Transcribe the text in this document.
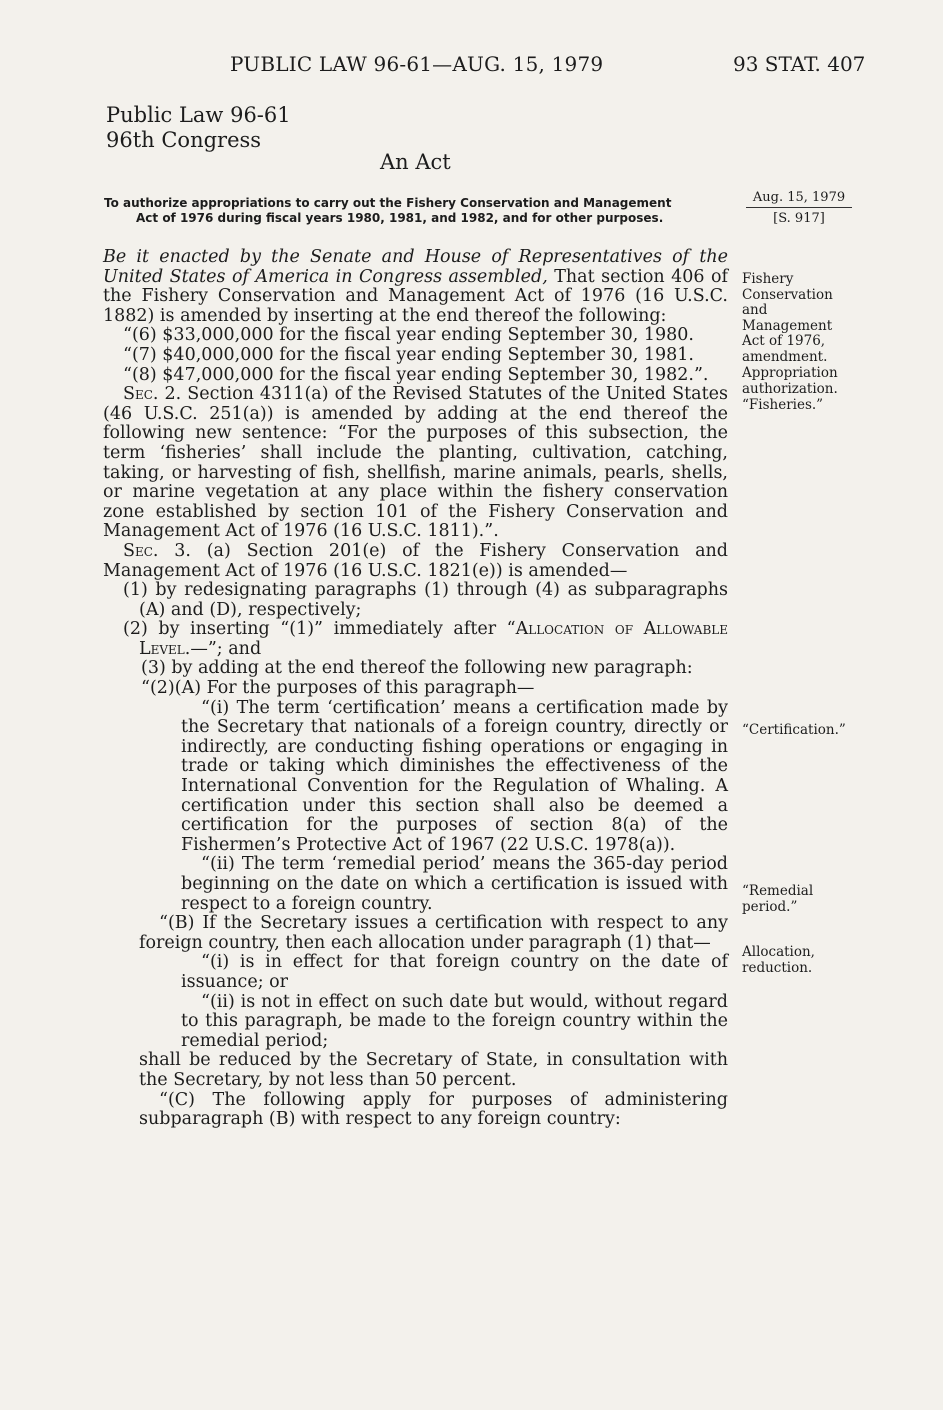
PUBLIC LAW 96-61—AUG. 15, 1979	93 STAT. 407
Public Law 96-61
96th Congress
An Act
To authorize appropriations to carry out the Fishery Conservation and Management
Act of 1976 during fiscal years 1980, 1981, and 1982, and for other purposes.
Aug. 15, 1979
[S. 917]
Fishery
Conservation
and
Management
Act of 1976,
amendment.
Appropriation
authorization.
“Fisheries.”
“Certification.”
“Remedial
period.”
Allocation,
reduction.

Be it enacted by the Senate and House of Representatives of the United States of America in Congress assembled, That section 406 of the Fishery Conservation and Management Act of 1976 (16 U.S.C. 1882) is amended by inserting at the end thereof the following:

“(6) $33,000,000 for the fiscal year ending September 30, 1980.

“(7) $40,000,000 for the fiscal year ending September 30, 1981.

“(8) $47,000,000 for the fiscal year ending September 30, 1982.”.

Sec. 2. Section 4311(a) of the Revised Statutes of the United States (46 U.S.C. 251(a)) is amended by adding at the end thereof the following new sentence: “For the purposes of this subsection, the term ‘fisheries’ shall include the planting, cultivation, catching, taking, or harvesting of fish, shellfish, marine animals, pearls, shells, or marine vegetation at any place within the fishery conservation zone established by section 101 of the Fishery Conservation and Management Act of 1976 (16 U.S.C. 1811).”.

Sec. 3. (a) Section 201(e) of the Fishery Conservation and Management Act of 1976 (16 U.S.C. 1821(e)) is amended—

(1) by redesignating paragraphs (1) through (4) as subparagraphs (A) and (D), respectively;

(2) by inserting “(1)” immediately after “Allocation of Allowable Level.—”; and

(3) by adding at the end thereof the following new paragraph:

“(2)(A) For the purposes of this paragraph—

“(i) The term ‘certification’ means a certification made by the Secretary that nationals of a foreign country, directly or indirectly, are conducting fishing operations or engaging in trade or taking which diminishes the effectiveness of the International Convention for the Regulation of Whaling. A certification under this section shall also be deemed a certification for the purposes of section 8(a) of the Fishermen’s Protective Act of 1967 (22 U.S.C. 1978(a)).

“(ii) The term ‘remedial period’ means the 365-day period beginning on the date on which a certification is issued with respect to a foreign country.

“(B) If the Secretary issues a certification with respect to any foreign country, then each allocation under paragraph (1) that—

“(i) is in effect for that foreign country on the date of issuance; or

“(ii) is not in effect on such date but would, without regard to this paragraph, be made to the foreign country within the remedial period;

shall be reduced by the Secretary of State, in consultation with the Secretary, by not less than 50 percent.

“(C) The following apply for purposes of administering subparagraph (B) with respect to any foreign country:
